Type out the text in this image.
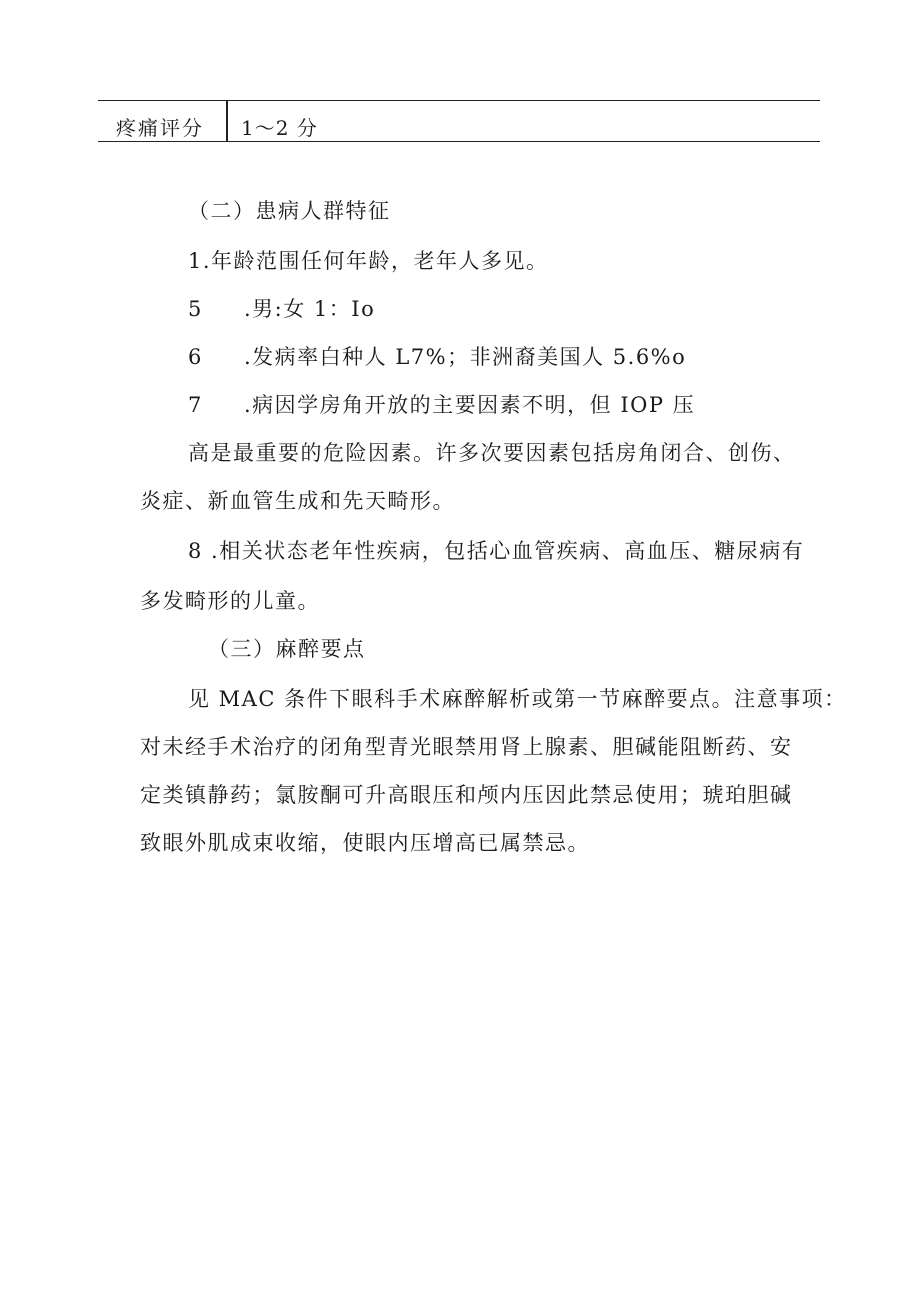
疼痛评分 1～2 分
（二）患病人群特征
1.年龄范围任何年龄，老年人多见。
5 .男:女 1：Io
6 .发病率白种人 L7%；非洲裔美国人 5.6%o
7 .病因学房角开放的主要因素不明，但 IOP 压
高是最重要的危险因素。许多次要因素包括房角闭合、创伤、
炎症、新血管生成和先天畸形。
8 .相关状态老年性疾病，包括心血管疾病、高血压、糖尿病有
多发畸形的儿童。
（三）麻醉要点
见 MAC 条件下眼科手术麻醉解析或第一节麻醉要点。注意事项：
对未经手术治疗的闭角型青光眼禁用肾上腺素、胆碱能阻断药、安
定类镇静药；氯胺酮可升高眼压和颅内压因此禁忌使用；琥珀胆碱
致眼外肌成束收缩，使眼内压增高已属禁忌。
